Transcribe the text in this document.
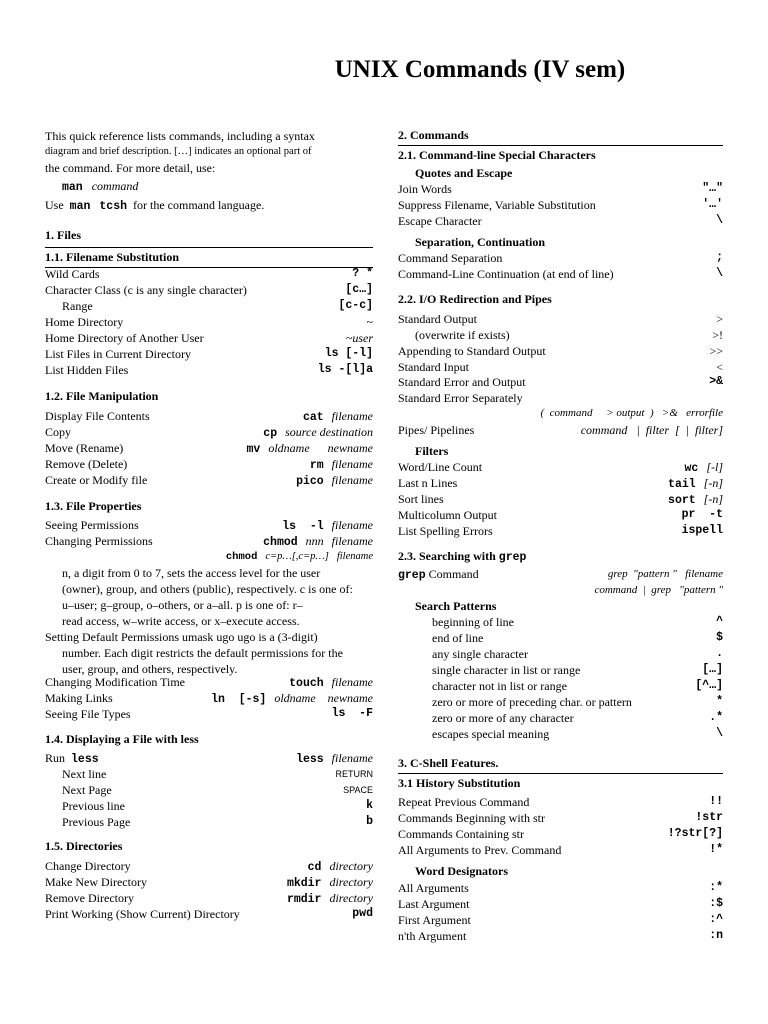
UNIX Commands (IV sem)
This quick reference lists commands, including a syntax
diagram and brief description. […] indicates an optional part of
the command. For more detail, use:
man command
Use man tcsh for the command language.
1. Files
1.1. Filename Substitution
Wild Cards	? *
Character Class (c is any single character)	[c…]
Range	[c-c]
Home Directory	~
Home Directory of Another User	~user
List Files in Current Directory	ls [-l]
List Hidden Files	ls -[l]a
1.2. File Manipulation
Display File Contents	cat filename
Copy	cp source destination
Move (Rename)	mv oldname      newname
Remove (Delete)	rm filename
Create or Modify file	pico filename
1.3. File Properties
Seeing Permissions	ls  -l filename
Changing Permissions	chmod nnn filename
chmod c=p…[,c=p…] filename
n, a digit from 0 to 7, sets the access level for the user
(owner), group, and others (public), respectively. c is one of:
u–user; g–group, o–others, or a–all. p is one of: r–
read access, w–write access, or x–execute access.
Setting Default Permissions umask ugo ugo is a (3-digit)
number. Each digit restricts the default permissions for the
user, group, and others, respectively.
Changing Modification Time	touch filename
Making Links	ln  [-s] oldname    newname
Seeing File Types	ls  -F
1.4. Displaying a File with less
Run less	less filename
Next line	RETURN
Next Page	SPACE
Previous line	k
Previous Page	b
1.5. Directories
Change Directory	cd directory
Make New Directory	mkdir directory
Remove Directory	rmdir directory
Print Working (Show Current) Directory	pwd
2. Commands
2.1. Command-line Special Characters
Quotes and Escape
Join Words	"…"
Suppress Filename, Variable Substitution	'…'
Escape Character	\
Separation, Continuation
Command Separation	;
Command-Line Continuation (at end of line)	\
2.2. I/O Redirection and Pipes
Standard Output	>
(overwrite if exists)	>!
Appending to Standard Output	>>
Standard Input	<
Standard Error and Output	>&
Standard Error Separately
(  command     > output  )   >&   errorfile
Pipes/ Pipelines	command   |  filter  [  |  filter]
Filters
Word/Line Count	wc [-l]
Last n Lines	tail [-n]
Sort lines	sort [-n]
Multicolumn Output	pr  -t
List Spelling Errors	ispell
2.3. Searching with grep
grep Command	grep  "pattern "   filename
command  |  grep   "pattern "
Search Patterns
beginning of line	^
end of line	$
any single character	.
single character in list or range	[…]
character not in list or range	[^…]
zero or more of preceding char. or pattern	*
zero or more of any character	.*
escapes special meaning	\
3. C-Shell Features.
3.1 History Substitution
Repeat Previous Command	!!
Commands Beginning with str	!str
Commands Containing str	!?str[?]
All Arguments to Prev. Command	!*
Word Designators
All Arguments	:*
Last Argument	:$
First Argument	:^
n'th Argument	:n
